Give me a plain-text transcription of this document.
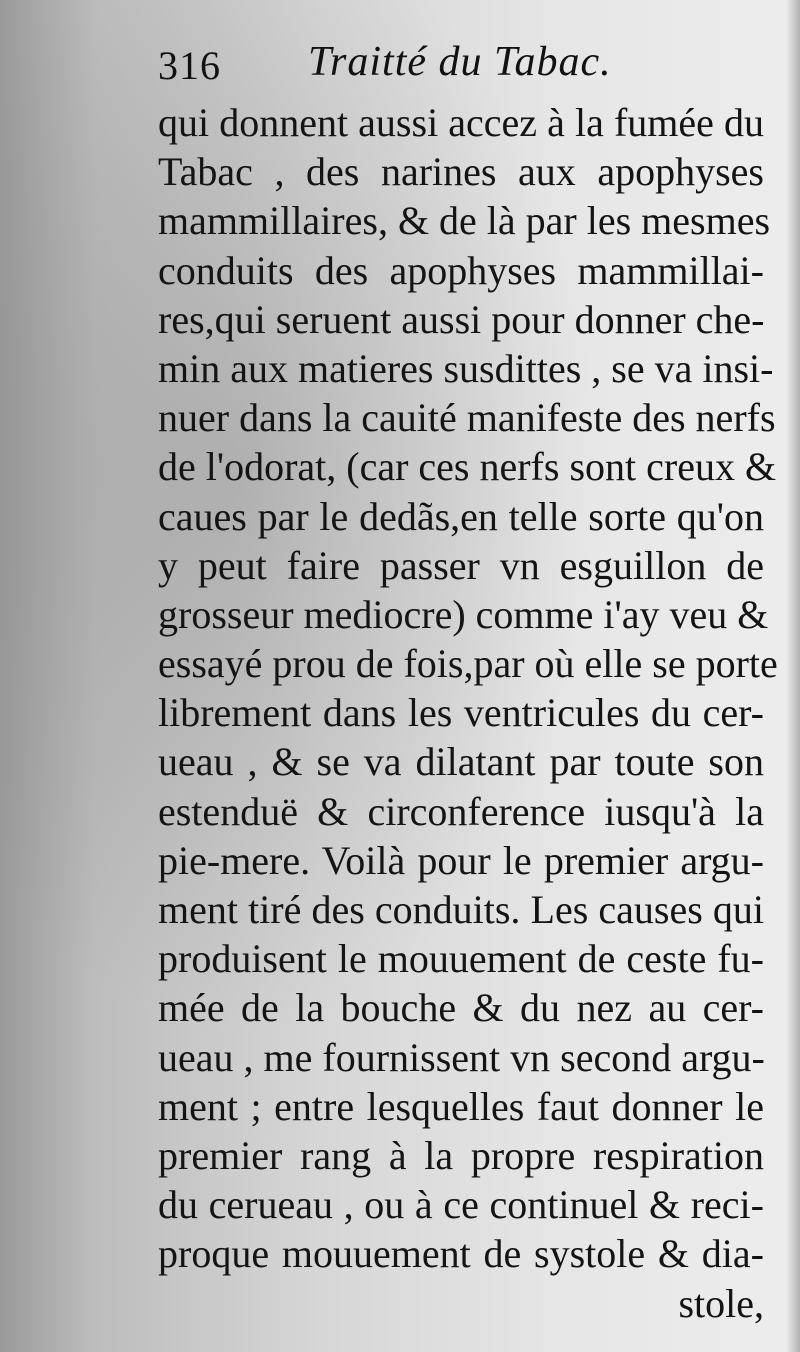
316 Traitté du Tabac.
qui donnent aussi accez à la fumée du
Tabac , des narines aux apophyses
mammillaires, & de là par les mesmes
conduits des apophyses mammillai-
res,qui seruent aussi pour donner che-
min aux matieres susdittes , se va insi-
nuer dans la cauité manifeste des nerfs
de l'odorat, (car ces nerfs sont creux &
caues par le dedãs,en telle sorte qu'on
y peut faire passer vn esguillon de
grosseur mediocre) comme i'ay veu &
essayé prou de fois,par où elle se porte
librement dans les ventricules du cer-
ueau , & se va dilatant par toute son
estenduë & circonference iusqu'à la
pie-mere. Voilà pour le premier argu-
ment tiré des conduits. Les causes qui
produisent le mouuement de ceste fu-
mée de la bouche & du nez au cer-
ueau , me fournissent vn second argu-
ment ; entre lesquelles faut donner le
premier rang à la propre respiration
du cerueau , ou à ce continuel & reci-
proque mouuement de systole & dia-
stole,
